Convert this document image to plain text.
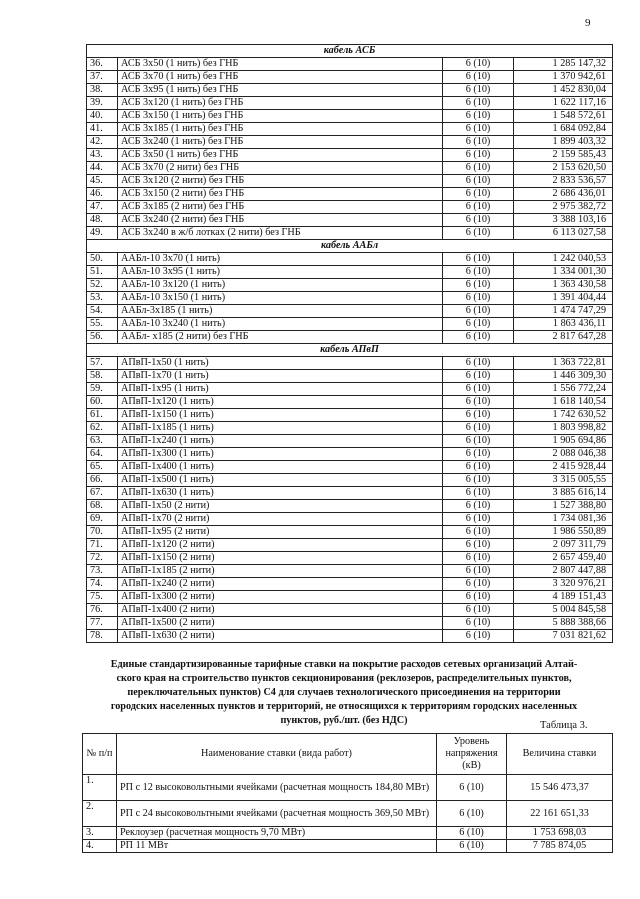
9
кабель АСБ			
36.	АСБ 3х50 (1 нить) без ГНБ	6 (10)	1 285 147,32
37.	АСБ 3х70 (1 нить) без ГНБ	6 (10)	1 370 942,61
38.	АСБ 3х95 (1 нить) без ГНБ	6 (10)	1 452 830,04
39.	АСБ 3х120 (1 нить) без ГНБ	6 (10)	1 622 117,16
40.	АСБ 3х150 (1 нить) без ГНБ	6 (10)	1 548 572,61
41.	АСБ 3х185 (1 нить) без ГНБ	6 (10)	1 684 092,84
42.	АСБ 3х240 (1 нить) без ГНБ	6 (10)	1 899 403,32
43.	АСБ 3х50 (1 нить) без ГНБ	6 (10)	2 159 585,43
44.	АСБ 3х70 (2 нити) без ГНБ	6 (10)	2 153 620,50
45.	АСБ 3х120 (2 нити) без ГНБ	6 (10)	2 833 536,57
46.	АСБ 3х150 (2 нити) без ГНБ	6 (10)	2 686 436,01
47.	АСБ 3х185 (2 нити) без ГНБ	6 (10)	2 975 382,72
48.	АСБ 3х240 (2 нити) без ГНБ	6 (10)	3 388 103,16
49.	АСБ 3х240 в ж/б лотках (2 нити) без ГНБ	6 (10)	6 113 027,58
кабель ААБл			
50.	ААБл-10 3х70 (1 нить)	6 (10)	1 242 040,53
51.	ААБл-10 3х95 (1 нить)	6 (10)	1 334 001,30
52.	ААБл-10 3х120 (1 нить)	6 (10)	1 363 430,58
53.	ААБл-10 3х150 (1 нить)	6 (10)	1 391 404,44
54.	ААБл-3х185 (1 нить)	6 (10)	1 474 747,29
55.	ААБл-10 3х240 (1 нить)	6 (10)	1 863 436,11
56.	ААБл- х185 (2 нити) без ГНБ	6 (10)	2 817 647,28
кабель АПвП			
57.	АПвП-1х50 (1 нить)	6 (10)	1 363 722,81
58.	АПвП-1х70 (1 нить)	6 (10)	1 446 309,30
59.	АПвП-1х95 (1 нить)	6 (10)	1 556 772,24
60.	АПвП-1х120 (1 нить)	6 (10)	1 618 140,54
61.	АПвП-1х150 (1 нить)	6 (10)	1 742 630,52
62.	АПвП-1х185 (1 нить)	6 (10)	1 803 998,82
63.	АПвП-1х240 (1 нить)	6 (10)	1 905 694,86
64.	АПвП-1х300 (1 нить)	6 (10)	2 088 046,38
65.	АПвП-1х400 (1 нить)	6 (10)	2 415 928,44
66.	АПвП-1х500 (1 нить)	6 (10)	3 315 005,55
67.	АПвП-1х630 (1 нить)	6 (10)	3 885 616,14
68.	АПвП-1х50 (2 нити)	6 (10)	1 527 388,80
69.	АПвП-1х70 (2 нити)	6 (10)	1 734 081,36
70.	АПвП-1х95 (2 нити)	6 (10)	1 986 550,89
71.	АПвП-1х120 (2 нити)	6 (10)	2 097 311,79
72.	АПвП-1х150 (2 нити)	6 (10)	2 657 459,40
73.	АПвП-1х185 (2 нити)	6 (10)	2 807 447,88
74.	АПвП-1х240 (2 нити)	6 (10)	3 320 976,21
75.	АПвП-1х300 (2 нити)	6 (10)	4 189 151,43
76.	АПвП-1х400 (2 нити)	6 (10)	5 004 845,58
77.	АПвП-1х500 (2 нити)	6 (10)	5 888 388,66
78.	АПвП-1х630 (2 нити)	6 (10)	7 031 821,62
Единые стандартизированные тарифные ставки на покрытие расходов сетевых организаций Алтай-
ского края на строительство пунктов секционирования (реклозеров, распределительных пунктов,
переключательных пунктов) С4 для случаев технологического присоединения на территории
городских населенных пунктов и территорий, не относящихся к территориям городских населенных
пунктов, руб./шт. (без НДС)	Таблица 3.
№ п/п	Наименование ставки (вида работ)	Уровень напряжения (кВ)	Величина ставки
1.	РП с 12 высоковольтными ячейками (расчетная мощность 184,80 МВт)	6 (10)	15 546 473,37
2.	РП с 24 высоковольтными ячейками (расчетная мощность 369,50 МВт)	6 (10)	22 161 651,33
3.	Реклоузер (расчетная мощность 9,70 МВт)	6 (10)	1 753 698,03
4.	РП 11 МВт	6 (10)	7 785 874,05
